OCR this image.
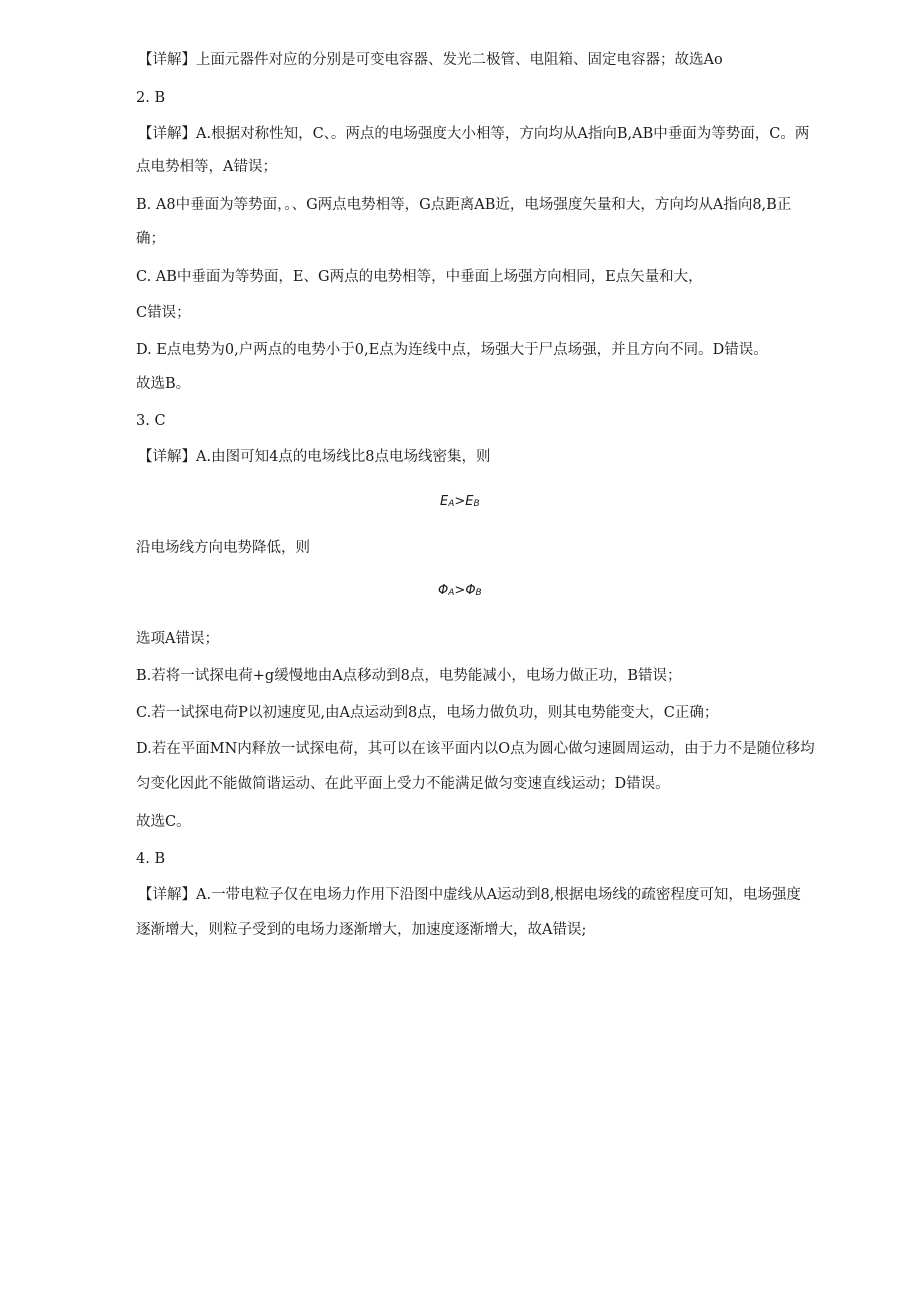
【详解】上面元器件对应的分别是可变电容器、发光二极管、电阻箱、固定电容器；故选Ao
2. B
【详解】A.根据对称性知，C、。两点的电场强度大小相等，方向均从A指向B,AB中垂面为等势面，C。两
点电势相等，A错误；
B. A8中垂面为等势面，。、G两点电势相等，G点距离AB近，电场强度矢量和大，方向均从A指向8,B正
确；
C. AB中垂面为等势面，E、G两点的电势相等，中垂面上场强方向相同，E点矢量和大，
C错误；
D. E点电势为0,户两点的电势小于0,E点为连线中点，场强大于尸点场强，并且方向不同。D错误。
故选B。
3. C
【详解】A.由图可知4点的电场线比8点电场线密集，则
$E_A>E_B$
沿电场线方向电势降低，则
$\Phi_A>\Phi_B$
选项A错误；
B.若将一试探电荷+g缓慢地由A点移动到8点，电势能减小，电场力做正功，B错误；
C.若一试探电荷P以初速度见,由A点运动到8点，电场力做负功，则其电势能变大，C正确；
D.若在平面MN内释放一试探电荷，其可以在该平面内以O点为圆心做匀速圆周运动，由于力不是随位移均
匀变化因此不能做简谐运动、在此平面上受力不能满足做匀变速直线运动；D错误。
故选C。
4. B
【详解】A.一带电粒子仅在电场力作用下沿图中虚线从A运动到8,根据电场线的疏密程度可知，电场强度
逐渐增大，则粒子受到的电场力逐渐增大，加速度逐渐增大，故A错误;
